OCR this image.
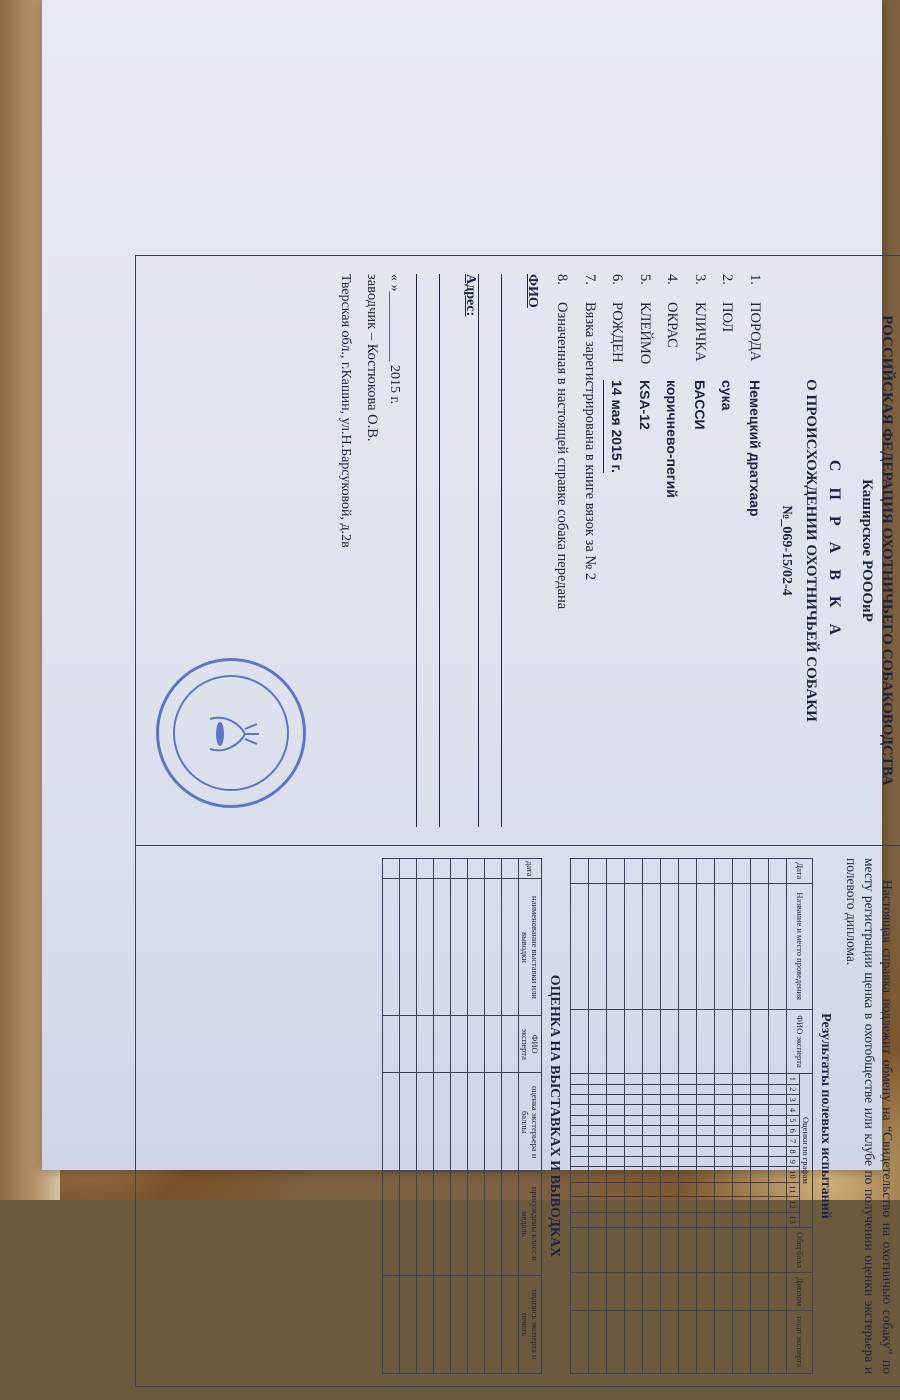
Настоящая справка подлежит обмену на “Свидетельство на охотничью собаку” по месту регистрации щенка в охотобществе или клубе по получении оценки экстерьера и полевого диплома.
Результаты полевых испытаний
Дата	Название и место проведения	ФИО эксперта	Оценки по графам													Общ балл	Диплом	подп эксперта
			1	2	3	4	5	6	7	8	9	10	11	12	13			

ОЦЕНКА НА ВЫСТАВКАХ И ВЫВОДКАХ
дата	наименование выставки или выводки	ФИО эксперта	оценка экстерьера и баллы	присуждены класс и медаль	подпись эксперта и печать

РОССИЙСКАЯ ФЕДЕРАЦИЯ ОХОТНИЧЬЕГО СОБАКОВОДСТВА
Каширское РОООиР
С П Р А В К А
О ПРОИСХОЖДЕНИИ ОХОТНИЧЬЕЙ СОБАКИ
№_069-15/02-4
1.
ПОРОДА
Немецкий дратхаар
2.
ПОЛ
сука
3.
КЛИЧКА
БАССИ
4.
ОКРАС
коричнево-пегий
5.
КЛЕЙМО
KSA-12
6.
РОЖДЕН
14 мая 2015 г.
7.
Вязка зарегистрирована в книге вязок за № 2
8.
Означенная в настоящей справке собака передана
ФИО
Адрес:
« »__________ 2015 г.
заводчик – Костюкова О.В.
Тверская обл., г.Кашин, ул.Н.Барсуковой, д.2в
